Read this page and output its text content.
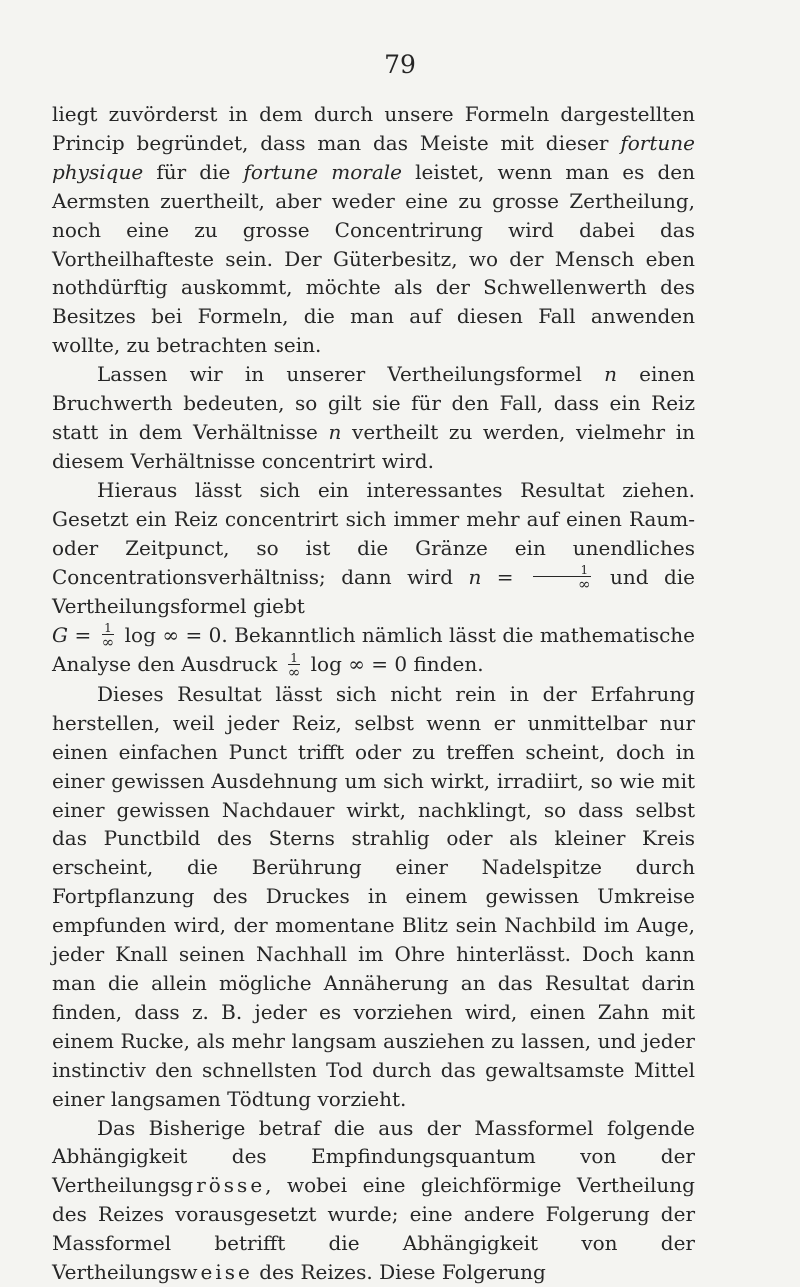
79

liegt zuvörderst in dem durch unsere Formeln dargestellten Princip begründet, dass man das Meiste mit dieser fortune physique für die fortune morale leistet, wenn man es den Aermsten zuertheilt, aber weder eine zu grosse Zertheilung, noch eine zu grosse Concentrirung wird dabei das Vortheilhafteste sein. Der Güterbesitz, wo der Mensch eben nothdürftig auskommt, möchte als der Schwellenwerth des Besitzes bei Formeln, die man auf diesen Fall anwenden wollte, zu betrachten sein.

Lassen wir in unserer Vertheilungsformel n einen Bruchwerth bedeuten, so gilt sie für den Fall, dass ein Reiz statt in dem Verhältnisse n vertheilt zu werden, vielmehr in diesem Verhältnisse concentrirt wird.

Hieraus lässt sich ein interessantes Resultat ziehen. Gesetzt ein Reiz concentrirt sich immer mehr auf einen Raum- oder Zeitpunct, so ist die Gränze ein unendliches Concentrationsverhältniss; dann wird $n = \frac{1}{\infty}$ und die Vertheilungsformel giebt

$G = \frac{1}{\infty}$ log ∞ = 0. Bekanntlich nämlich lässt die mathematische Analyse den Ausdruck $\frac{1}{\infty}$ log ∞ = 0 finden.

Dieses Resultat lässt sich nicht rein in der Erfahrung herstellen, weil jeder Reiz, selbst wenn er unmittelbar nur einen einfachen Punct trifft oder zu treffen scheint, doch in einer gewissen Ausdehnung um sich wirkt, irradiirt, so wie mit einer gewissen Nachdauer wirkt, nachklingt, so dass selbst das Punctbild des Sterns strahlig oder als kleiner Kreis erscheint, die Berührung einer Nadelspitze durch Fortpflanzung des Druckes in einem gewissen Umkreise empfunden wird, der momentane Blitz sein Nachbild im Auge, jeder Knall seinen Nachhall im Ohre hinterlässt. Doch kann man die allein mögliche Annäherung an das Resultat darin finden, dass z. B. jeder es vorziehen wird, einen Zahn mit einem Rucke, als mehr langsam ausziehen zu lassen, und jeder instinctiv den schnellsten Tod durch das gewaltsamste Mittel einer langsamen Tödtung vorzieht.

Das Bisherige betraf die aus der Massformel folgende Abhängigkeit des Empfindungsquantum von der Vertheilungsgrösse, wobei eine gleichförmige Vertheilung des Reizes vorausgesetzt wurde; eine andere Folgerung der Massformel betrifft die Abhängigkeit von der Vertheilungsweise des Reizes. Diese Folgerung
